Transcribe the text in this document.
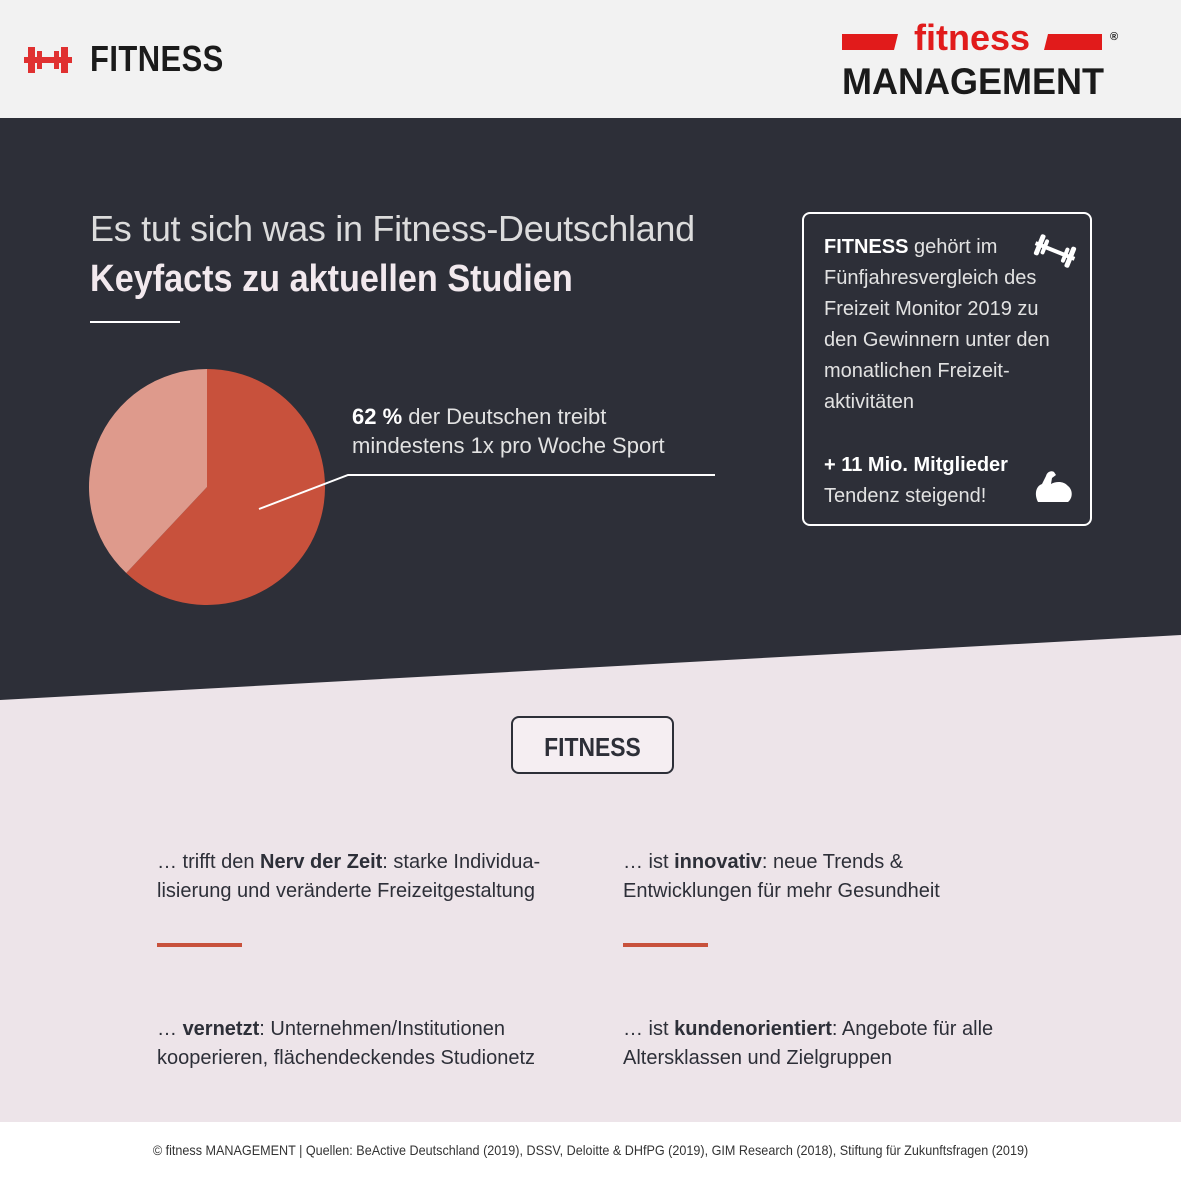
FITNESS
fitness	®
MANAGEMENT
Es tut sich was in Fitness-Deutschland
Keyfacts zu aktuellen Studien
62 % der Deutschen treibt
mindestens 1x pro Woche Sport
FITNESS gehört im
Fünfjahresvergleich des
Freizeit Monitor 2019 zu
den Gewinnern unter den
monatlichen Freizeit-
aktivitäten
+ 11 Mio. Mitglieder
Tendenz steigend!
FITNESS
… trifft den Nerv der Zeit: starke Individua-
lisierung und veränderte Freizeitgestaltung
… ist innovativ: neue Trends &
Entwicklungen für mehr Gesundheit
… vernetzt: Unternehmen/Institutionen
kooperieren, flächendeckendes Studionetz
… ist kundenorientiert: Angebote für alle
Altersklassen und Zielgruppen
© fitness MANAGEMENT | Quellen: BeActive Deutschland (2019), DSSV, Deloitte & DHfPG (2019), GIM Research (2018), Stiftung für Zukunftsfragen (2019)
